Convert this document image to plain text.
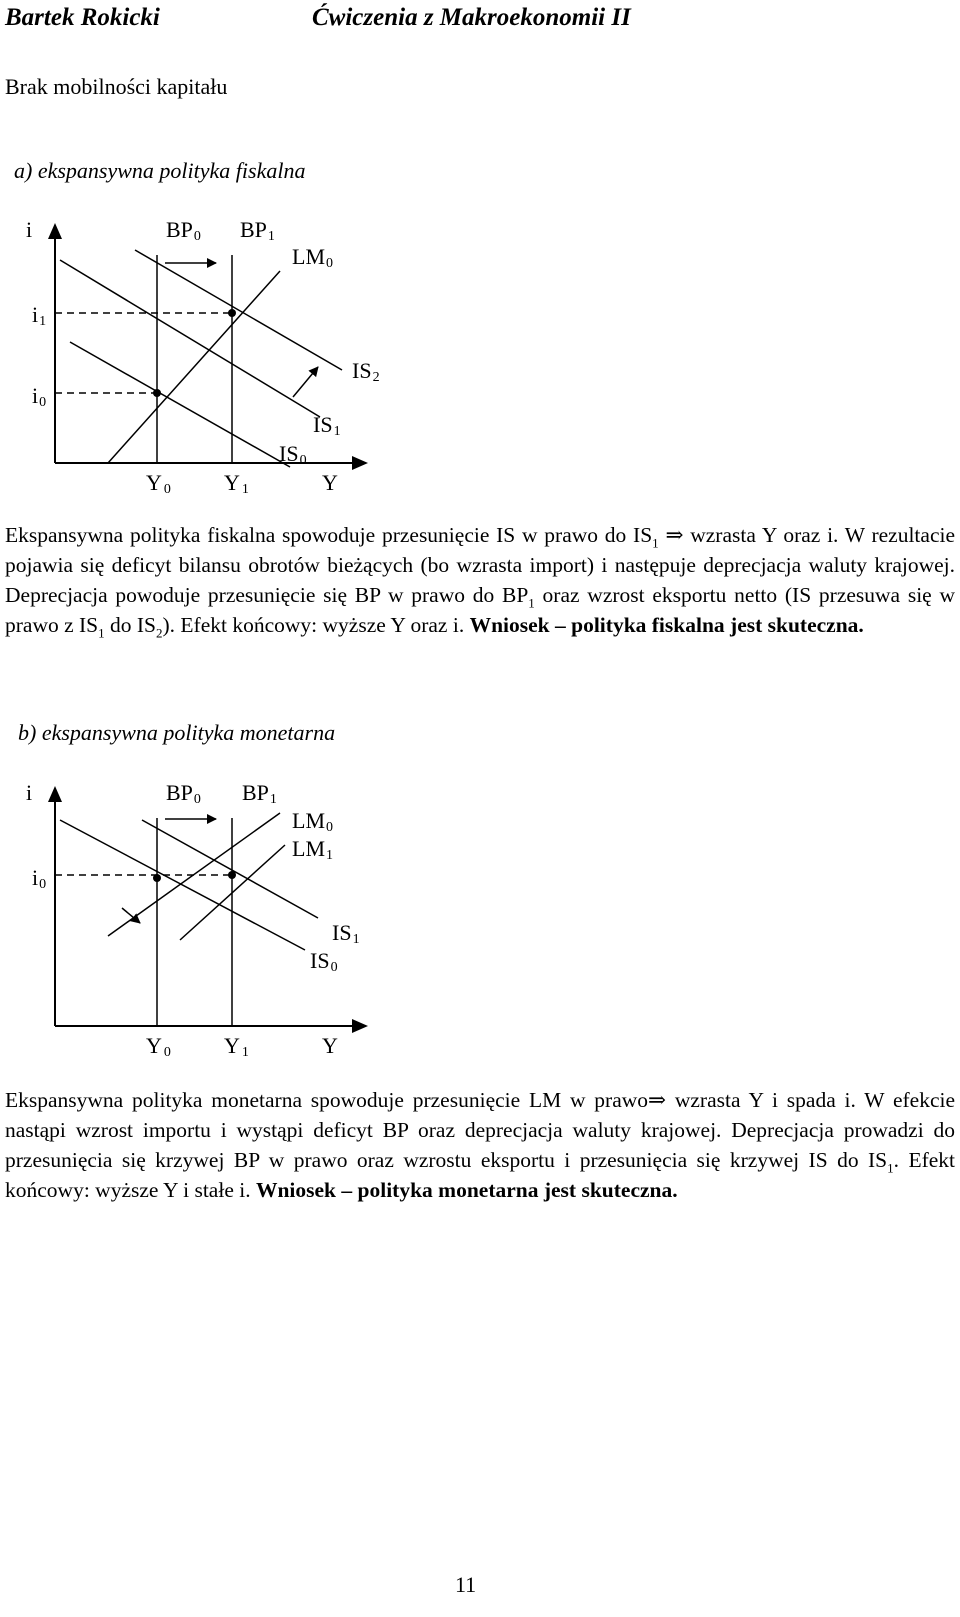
Bartek Rokicki	Ćwiczenia z Makroekonomii II
Brak mobilności kapitału
a) ekspansywna polityka fiskalna
i
i1
i0
BP0 BP1
LM0
IS2
IS1
IS0
Y 0 Y 1	Y

Ekspansywna polityka fiskalna spowoduje przesunięcie IS w prawo do $IS_1$ ⇒ wzrasta Y oraz i. W rezultacie pojawia się deficyt bilansu obrotów bieżących (bo wzrasta import) i następuje deprecjacja waluty krajowej. Deprecjacja powoduje przesunięcie się BP w prawo do $BP_1$ oraz wzrost eksportu netto (IS przesuwa się w prawo z $IS_1$ do $IS_2$). Efekt końcowy: wyższe Y oraz i. Wniosek – polityka fiskalna jest skuteczna.

b) ekspansywna polityka monetarna
i
i0
BP0 BP1
LM0
LM1
IS1
IS0
Y 0 Y 1	Y

Ekspansywna polityka monetarna spowoduje przesunięcie LM w prawo⇒ wzrasta Y i spada i. W efekcie nastąpi wzrost importu i wystąpi deficyt BP oraz deprecjacja waluty krajowej. Deprecjacja prowadzi do przesunięcia się krzywej BP w prawo oraz wzrostu eksportu i przesunięcia się krzywej IS do $IS_1$. Efekt końcowy: wyższe Y i stałe i. Wniosek – polityka monetarna jest skuteczna.

11
